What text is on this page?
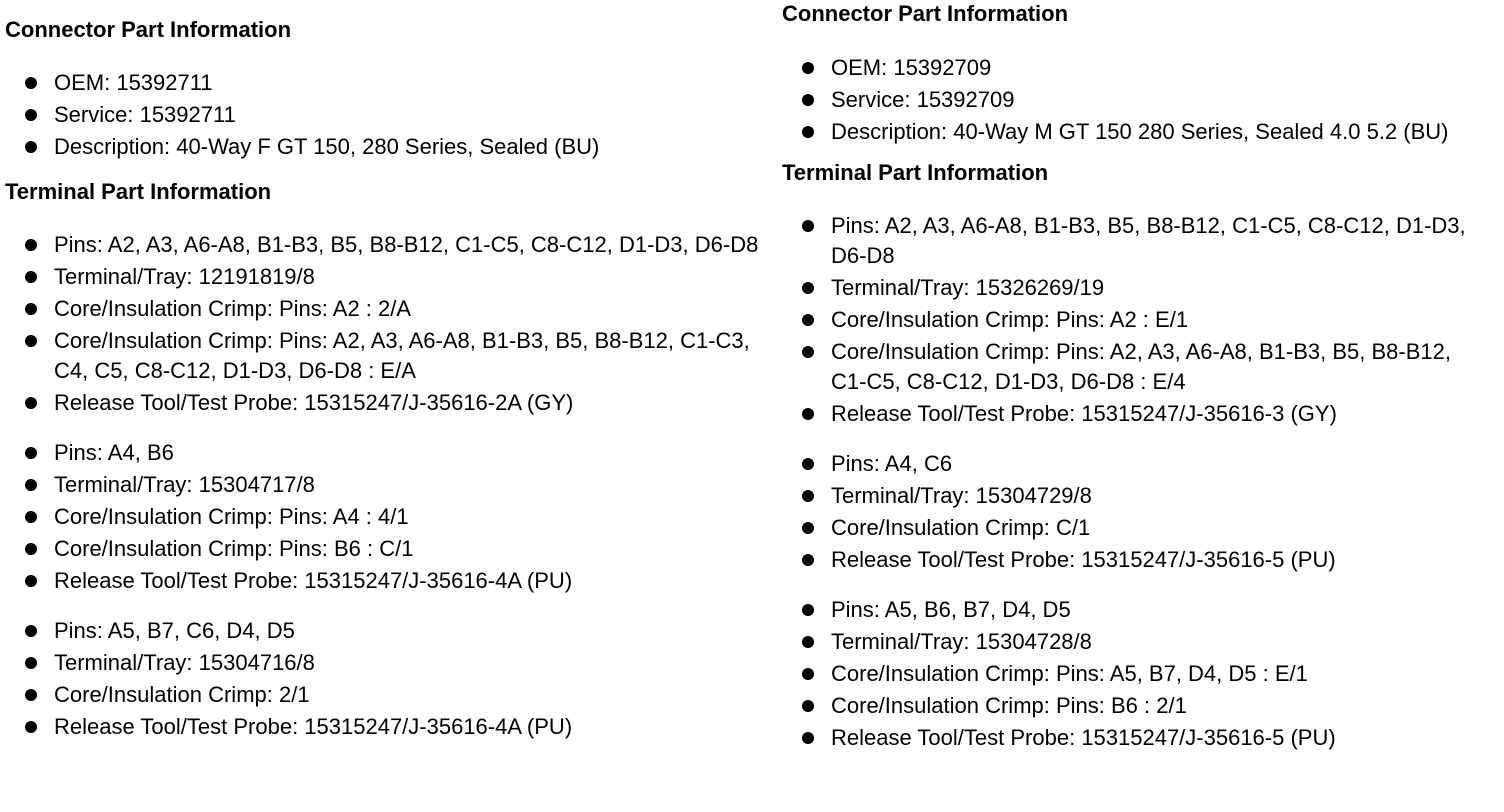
Connector Part Information
OEM: 15392711
Service: 15392711
Description: 40-Way F GT 150, 280 Series, Sealed (BU)
Terminal Part Information
Pins: A2, A3, A6-A8, B1-B3, B5, B8-B12, C1-C5, C8-C12, D1-D3, D6-D8
Terminal/Tray: 12191819/8
Core/Insulation Crimp: Pins: A2 : 2/A
Core/Insulation Crimp: Pins: A2, A3, A6-A8, B1-B3, B5, B8-B12, C1-C3, C4, C5, C8-C12, D1-D3, D6-D8 : E/A
Release Tool/Test Probe: 15315247/J-35616-2A (GY)
Pins: A4, B6
Terminal/Tray: 15304717/8
Core/Insulation Crimp: Pins: A4 : 4/1
Core/Insulation Crimp: Pins: B6 : C/1
Release Tool/Test Probe: 15315247/J-35616-4A (PU)
Pins: A5, B7, C6, D4, D5
Terminal/Tray: 15304716/8
Core/Insulation Crimp: 2/1
Release Tool/Test Probe: 15315247/J-35616-4A (PU)
Connector Part Information
OEM: 15392709
Service: 15392709
Description: 40-Way M GT 150 280 Series, Sealed 4.0 5.2 (BU)
Terminal Part Information
Pins: A2, A3, A6-A8, B1-B3, B5, B8-B12, C1-C5, C8-C12, D1-D3, D6-D8
Terminal/Tray: 15326269/19
Core/Insulation Crimp: Pins: A2 : E/1
Core/Insulation Crimp: Pins: A2, A3, A6-A8, B1-B3, B5, B8-B12, C1-C5, C8-C12, D1-D3, D6-D8 : E/4
Release Tool/Test Probe: 15315247/J-35616-3 (GY)
Pins: A4, C6
Terminal/Tray: 15304729/8
Core/Insulation Crimp: C/1
Release Tool/Test Probe: 15315247/J-35616-5 (PU)
Pins: A5, B6, B7, D4, D5
Terminal/Tray: 15304728/8
Core/Insulation Crimp: Pins: A5, B7, D4, D5 : E/1
Core/Insulation Crimp: Pins: B6 : 2/1
Release Tool/Test Probe: 15315247/J-35616-5 (PU)
